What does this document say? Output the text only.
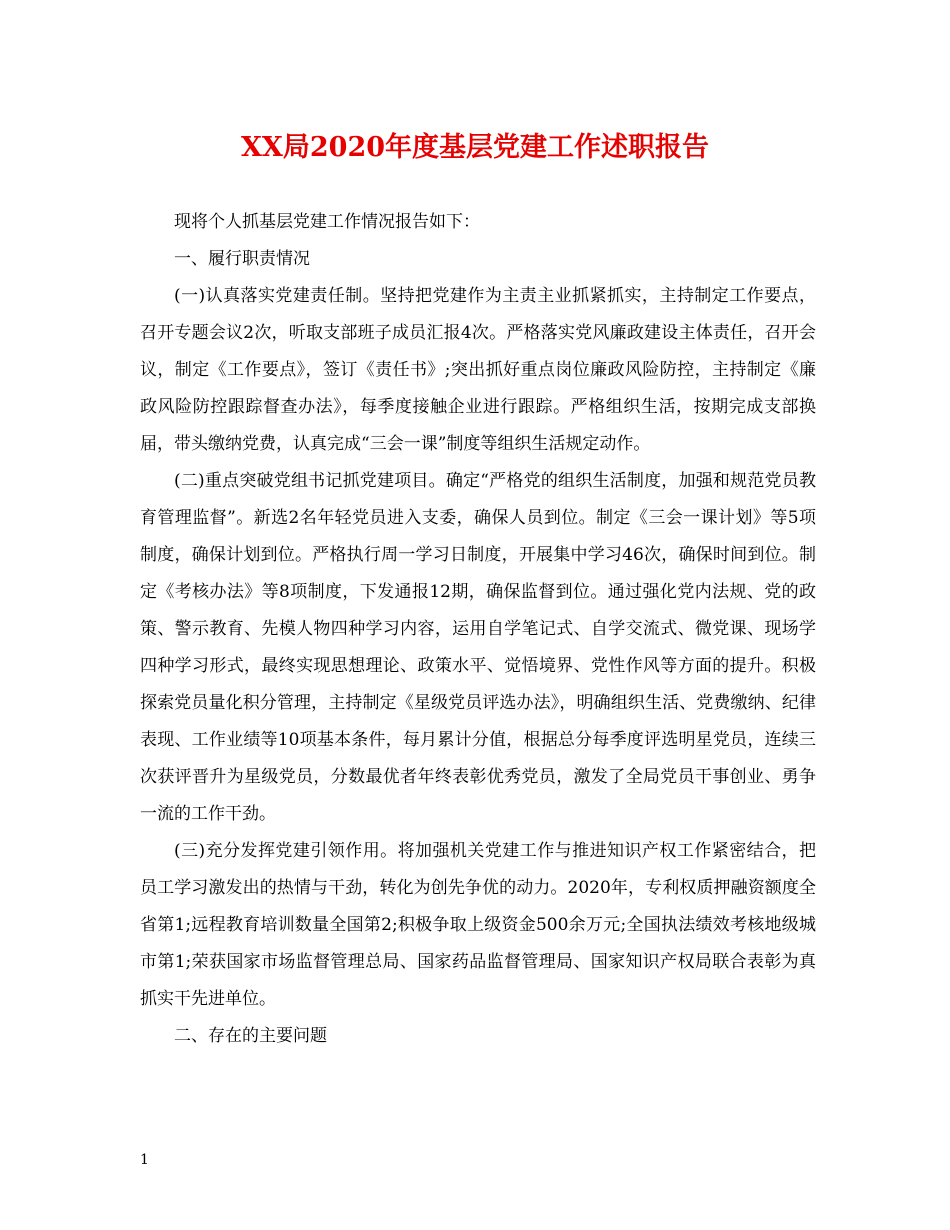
XX局2020年度基层党建工作述职报告

现将个人抓基层党建工作情况报告如下：

一、履行职责情况

(一)认真落实党建责任制。坚持把党建作为主责主业抓紧抓实，主持制定工作要点，召开专题会议2次，听取支部班子成员汇报4次。严格落实党风廉政建设主体责任，召开会议，制定《工作要点》，签订《责任书》;突出抓好重点岗位廉政风险防控，主持制定《廉政风险防控跟踪督查办法》，每季度接触企业进行跟踪。严格组织生活，按期完成支部换届，带头缴纳党费，认真完成“三会一课”制度等组织生活规定动作。

(二)重点突破党组书记抓党建项目。确定“严格党的组织生活制度，加强和规范党员教育管理监督”。新选2名年轻党员进入支委，确保人员到位。制定《三会一课计划》等5项制度，确保计划到位。严格执行周一学习日制度，开展集中学习46次，确保时间到位。制定《考核办法》等8项制度，下发通报12期，确保监督到位。通过强化党内法规、党的政策、警示教育、先模人物四种学习内容，运用自学笔记式、自学交流式、微党课、现场学四种学习形式，最终实现思想理论、政策水平、觉悟境界、党性作风等方面的提升。积极探索党员量化积分管理，主持制定《星级党员评选办法》，明确组织生活、党费缴纳、纪律表现、工作业绩等10项基本条件，每月累计分值，根据总分每季度评选明星党员，连续三次获评晋升为星级党员，分数最优者年终表彰优秀党员，激发了全局党员干事创业、勇争一流的工作干劲。

(三)充分发挥党建引领作用。将加强机关党建工作与推进知识产权工作紧密结合，把员工学习激发出的热情与干劲，转化为创先争优的动力。2020年，专利权质押融资额度全省第1;远程教育培训数量全国第2;积极争取上级资金500余万元;全国执法绩效考核地级城市第1;荣获国家市场监督管理总局、国家药品监督管理局、国家知识产权局联合表彰为真抓实干先进单位。

二、存在的主要问题

1
